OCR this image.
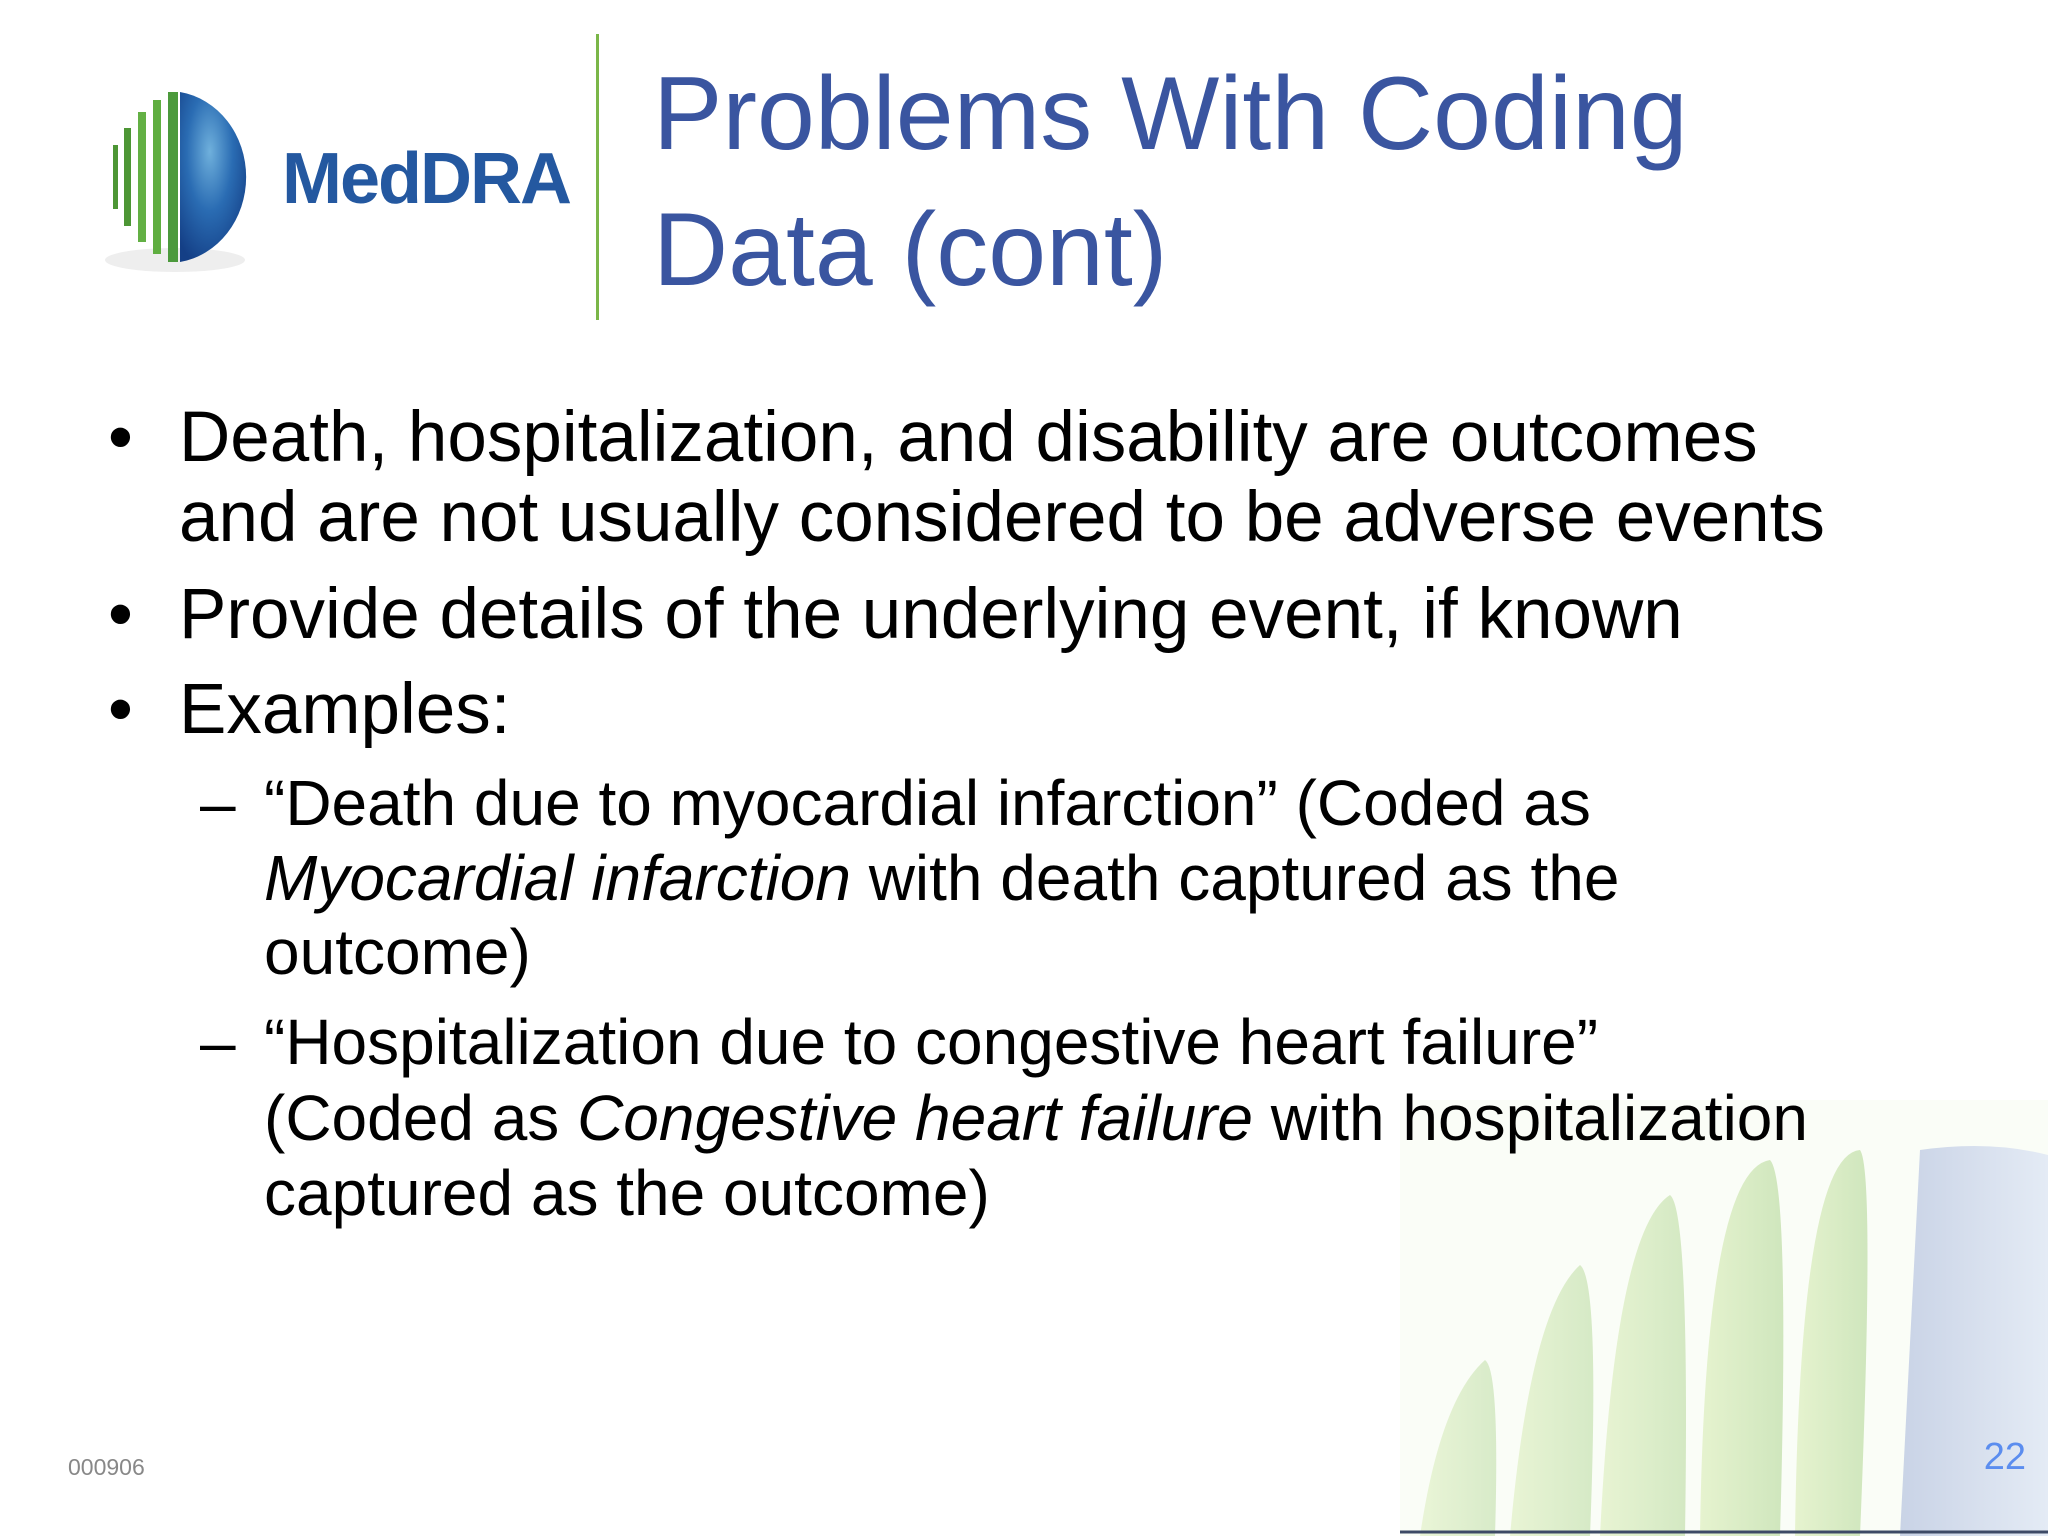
MedDRA
Problems With Coding
Data (cont)
• Death, hospitalization, and disability are outcomes
and are not usually considered to be adverse events
• Provide details of the underlying event, if known
• Examples:
– “Death due to myocardial infarction” (Coded as
Myocardial infarction with death captured as the
outcome)
– “Hospitalization due to congestive heart failure”
(Coded as Congestive heart failure with hospitalization
captured as the outcome)
000906	22
